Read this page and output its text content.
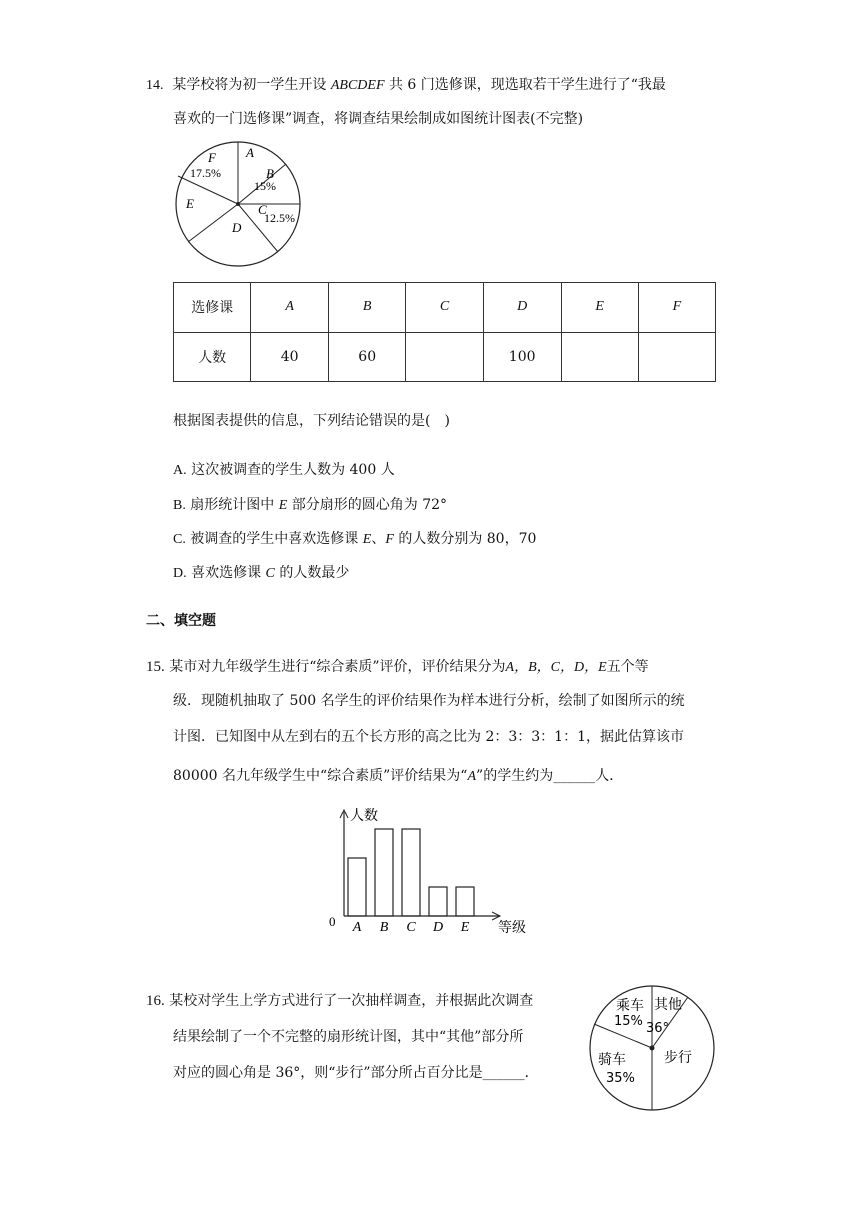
14. 某学校将为初一学生开设 ABCDEF 共 6 门选修课，现选取若干学生进行了“我最
喜欢的一门选修课”调查，将调查结果绘制成如图统计图表(不完整)
F
17.5%
A
B
15%
C
12.5%
D
E
选修课	A	B	C	D	E	F
人数	40	60		100		
根据图表提供的信息，下列结论错误的是(　)
A. 这次被调查的学生人数为 400 人
B. 扇形统计图中 E 部分扇形的圆心角为 72°
C. 被调查的学生中喜欢选修课 E、F 的人数分别为 80，70
D. 喜欢选修课 C 的人数最少
二、填空题
15. 某市对九年级学生进行“综合素质”评价，评价结果分为A，B，C，D，E五个等
级．现随机抽取了 500 名学生的评价结果作为样本进行分析，绘制了如图所示的统
计图．已知图中从左到右的五个长方形的高之比为 2：3：3：1：1，据此估算该市
80000 名九年级学生中“综合素质”评价结果为“A”的学生约为______人．
人数
等级
0 A B C D E
16. 某校对学生上学方式进行了一次抽样调查，并根据此次调查
结果绘制了一个不完整的扇形统计图，其中“其他”部分所
对应的圆心角是 36°，则“步行”部分所占百分比是______．
乘车
15%
其他
36°
骑车
35%
步行
